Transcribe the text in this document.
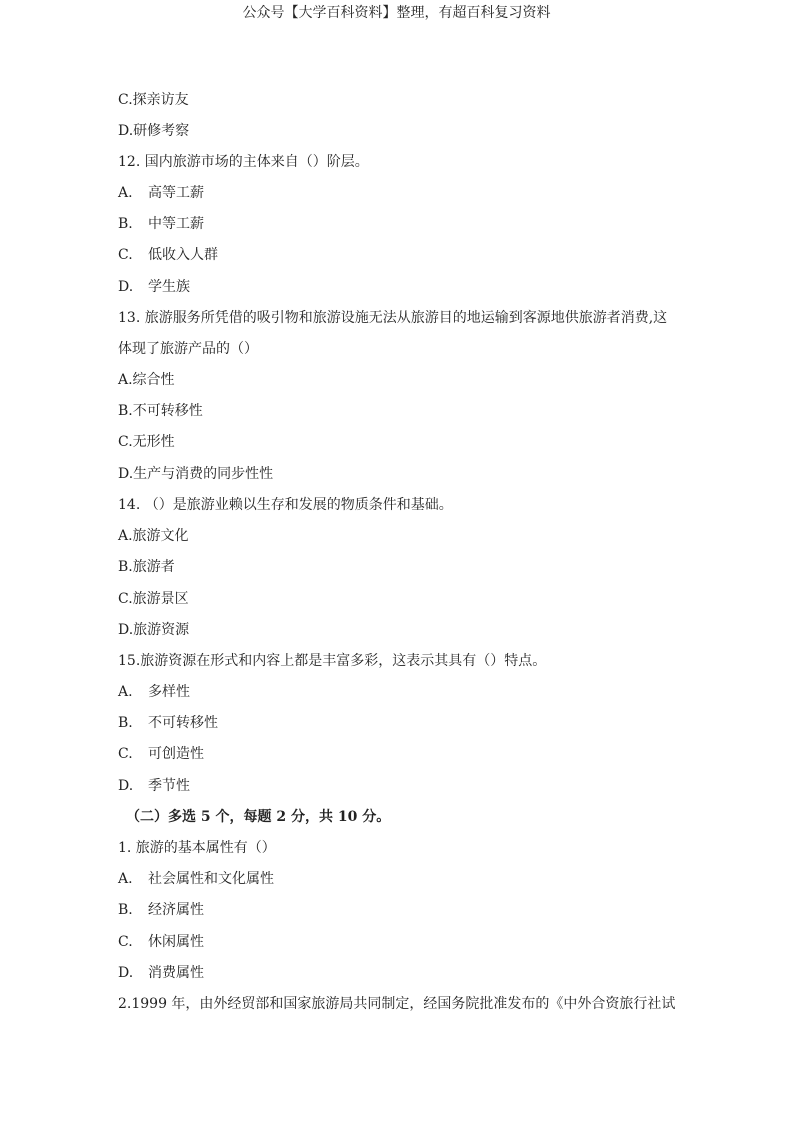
公众号【大学百科资料】整理，有超百科复习资料
C.探亲访友
D.研修考察
12. 国内旅游市场的主体来自（）阶层。
A. 高等工薪
B. 中等工薪
C. 低收入人群
D. 学生族
13. 旅游服务所凭借的吸引物和旅游设施无法从旅游目的地运输到客源地供旅游者消费,这
体现了旅游产品的（）
A.综合性
B.不可转移性
C.无形性
D.生产与消费的同步性性
14. （）是旅游业赖以生存和发展的物质条件和基础。
A.旅游文化
B.旅游者
C.旅游景区
D.旅游资源
15.旅游资源在形式和内容上都是丰富多彩，这表示其具有（）特点。
A. 多样性
B. 不可转移性
C. 可创造性
D. 季节性
（二）多选 5 个，每题 2 分，共 10 分。
1. 旅游的基本属性有（）
A. 社会属性和文化属性
B. 经济属性
C. 休闲属性
D. 消费属性
2.1999 年，由外经贸部和国家旅游局共同制定，经国务院批准发布的《中外合资旅行社试
